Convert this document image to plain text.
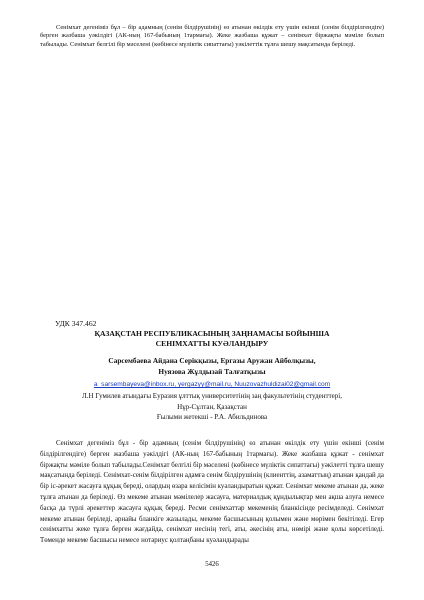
Сенімхат дегеніміз бұл – бір адамның (сенім білдірушінің) өз атынан өкілдік ету үшін екінші (сенім білдірілгендіге) берген жазбаша уәкілдігі (АК-ның 167-бабының 1тармағы). Жеке жазбаша құжат – сенімхат біржақты мәміле болып табылады. Сенімхат белгілі бір мәселені (көбінесе мүліктік сипаттағы) уәкілеттік тұлға шешу мақсатында беріледі.

УДК 347.462

ҚАЗАҚСТАН РЕСПУБЛИКАСЫНЫҢ ЗАҢНАМАСЫ БОЙЫНША
СЕНІМХАТТЫ КУӘЛАНДЫРУ
Сарсембаева Айдана Серікқызы, Ергазы Аружан Айболқызы,
Нуязова Жұлдызай Талғатқызы

a_sarsembayeva@inbox.ru, yergazyy@mail.ru, Nuuzovazhuldizai02@gmail.com

Л.Н Гумилев атындағы Еуразия ұлттық университетінің заң факультетінің студенттері,
Нұр-Сұлтан, Қазақстан
Ғылыми жетекші - Р.А. Абильдинова

Сенімхат дегеніміз бұл - бір адамның (сенім білдірушінің) өз атынан өкілдік ету үшін екінші (сенім білдірілгендіге) берген жазбаша уәкілдігі (АК-ның 167-бабының 1тармағы). Жеке жазбаша құжат - сенімхат біржақты мәміле болып табылады.Сенімхат белгілі бір мәселені (көбінесе мүліктік сипаттағы) уәкілетті тұлға шешу мақсатында беріледі. Сенімхат-сенім білдірілген адамға сенім білдірушінің (клиенттің, азаматтың) атынан қандай да бір іс-әрекет жасауға құқық береді, олардың өзара келісімін куәландыратын құжат. Сенімхат мекеме атынан да, жеке тұлға атынан да беріледі. Өз мекеме атынан мәмілелер жасауға, материалдық құндылықтар мен ақша алуға немесе басқа да түрлі әрекеттер жасауға құқық береді. Ресми сенімхаттар мекеменің бланкісінде ресімделеді. Сенімхат мекеме атынан беріледі, арнайы бланкіге жазылады, мекеме басшысының қолымен және мөрімен бекітіледі. Егер сенімхатты жеке тұлға берген жағдайда, сенімхат иесінің тегі, аты, әкесінің аты, нөмірі және қолы көрсетіледі. Төменде мекеме басшысы немесе нотариус қолтаңбаны куәландырады

5426
